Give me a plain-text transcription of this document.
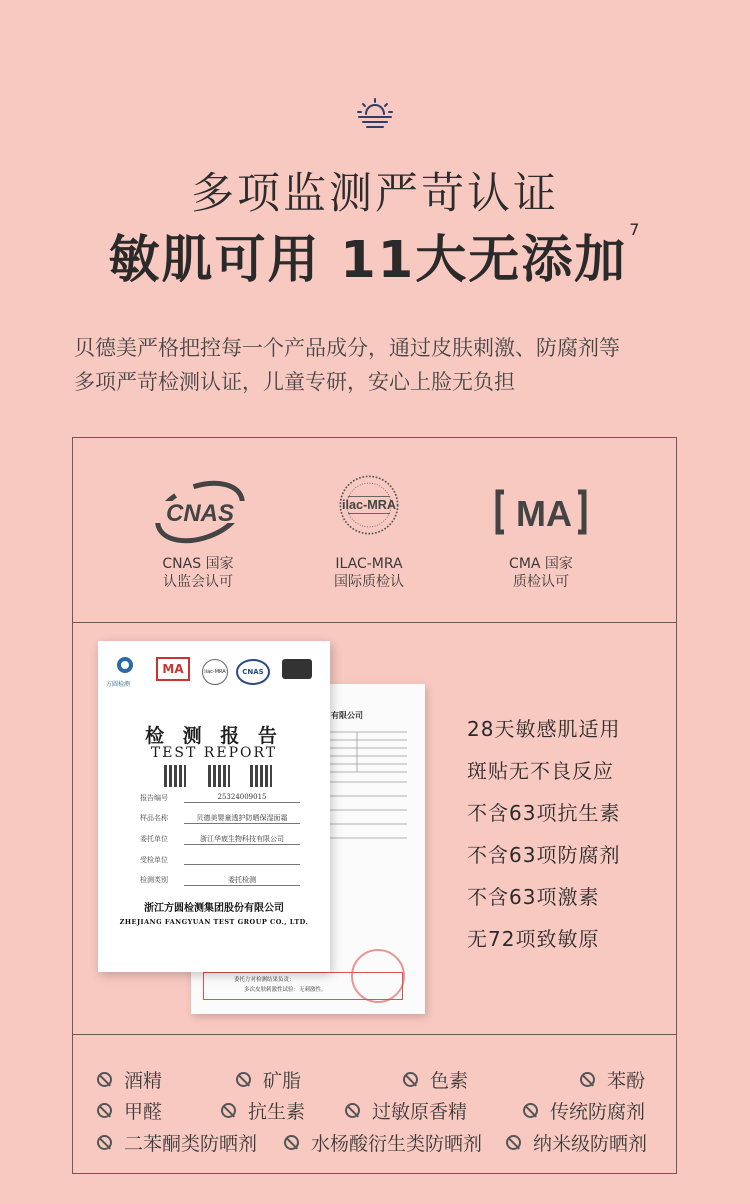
多项监测严苛认证
敏肌可用 11大无添加$^7$
贝德美严格把控每一个产品成分，通过皮肤刺激、防腐剂等
多项严苛检测认证，儿童专研，安心上脸无负担
CNAS	ilac-MRA	MA
CNAS 国家
认监会认可
ILAC-MRA
国际质检认
CMA 国家
质检认可
有限公司
委托方对检测结果负责：
多次皮肤刺激性试验：无刺激性。
方圆检测
MA	ilac-MRA	CNAS
检 测 报 告
TEST REPORT
报告编号	25324009015
样品名称	贝德美婴童透护防晒保湿面霜
委托单位	浙江华宬生物科技有限公司
受检单位
检测类别	委托检测
浙江方圆检测集团股份有限公司
ZHEJIANG FANGYUAN TEST GROUP CO., LTD.
28天敏感肌适用
斑贴无不良反应
不含63项抗生素
不含63项防腐剂
不含63项激素
无72项致敏原
酒精	矿脂	色素	苯酚
甲醛	抗生素	过敏原香精	传统防腐剂
二苯酮类防晒剂	水杨酸衍生类防晒剂	纳米级防晒剂
